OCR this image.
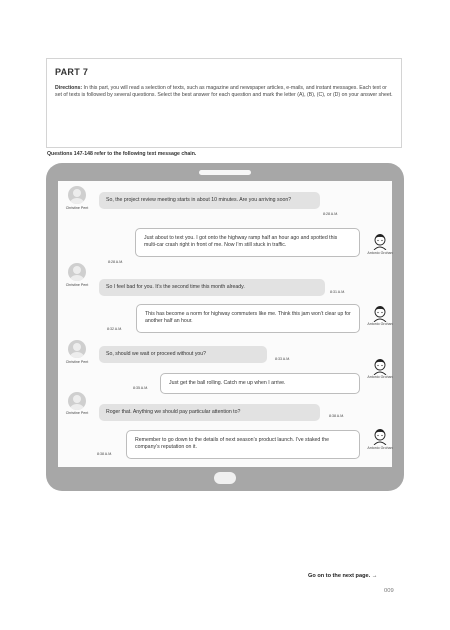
PART 7
Directions: In this part, you will read a selection of texts, such as magazine and newspaper articles, e-mails, and instant messages. Each text or set of texts is followed by several questions. Select the best answer for each question and mark the letter (A), (B), (C), or (D) on your answer sheet.
Questions 147-148 refer to the following text message chain.
Christine Pent
So, the project review meeting starts in about 10 minutes. Are you arriving soon?
8:28 A.M.
Just about to text you. I got onto the highway ramp half an hour ago and spotted this multi-car crash right in front of me. Now I’m still stuck in traffic.
8:28 A.M.
Antonio Grohan
Christine Pent	So I feel bad for you. It’s the second time this month already.
8:31 A.M.
This has become a norm for highway commuters like me. Think this jam won’t clear up for another half an hour.
8:32 A.M.
Antonio Grohan
Christine Pent
So, should we wait or proceed without you?
8:33 A.M.
Just get the ball rolling. Catch me up when I arrive.
8:35 A.M.
Antonio Grohan
Christine Pent	Roger that. Anything we should pay particular attention to?
8:38 A.M.
Remember to go down to the details of next season’s product launch. I’ve staked the company’s reputation on it.
8:38 A.M.
Antonio Grohan
Go on to the next page. →
009
